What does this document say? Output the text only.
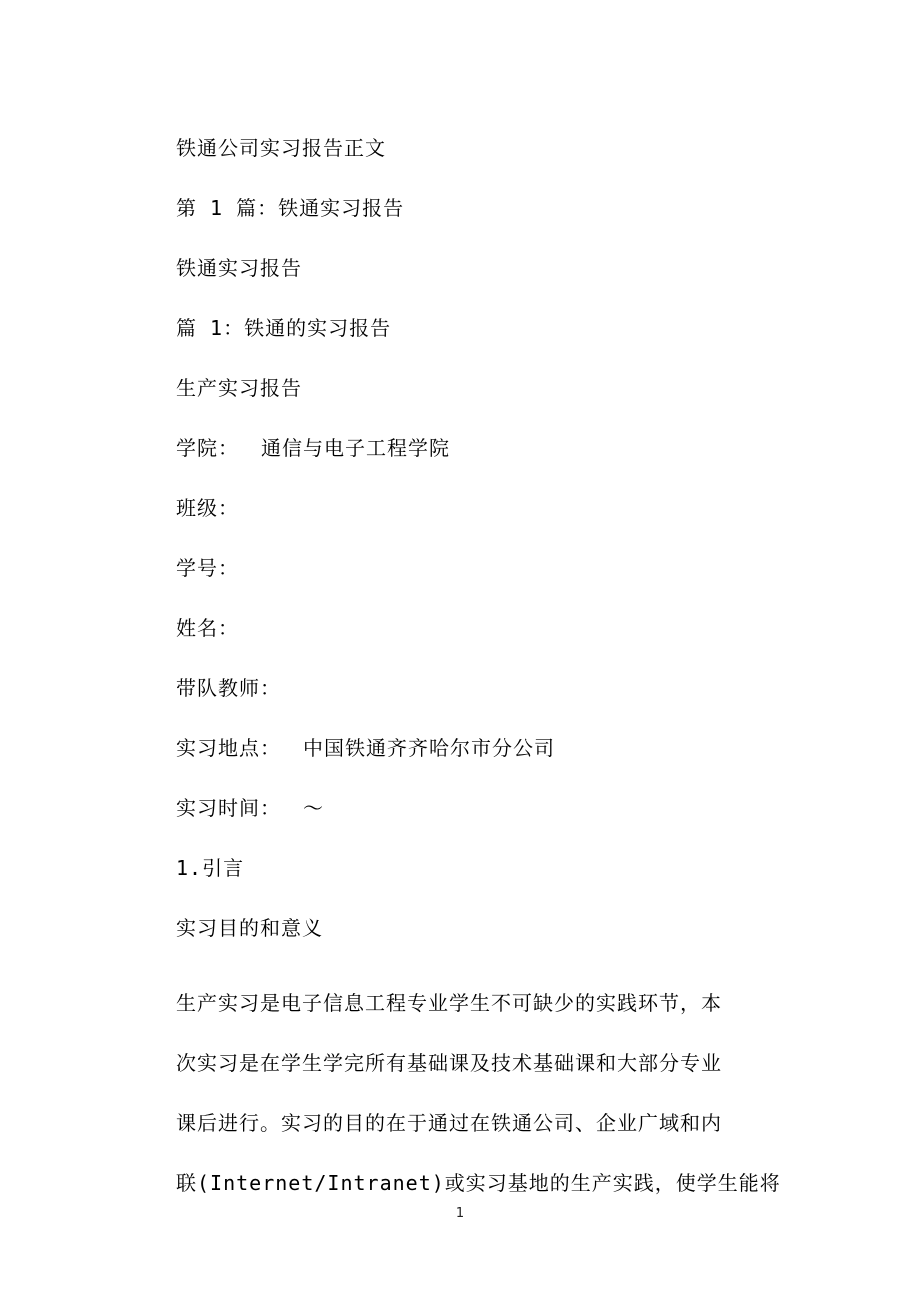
铁通公司实习报告正文
第 1 篇：铁通实习报告
铁通实习报告
篇 1：铁通的实习报告
生产实习报告
学院： 通信与电子工程学院
班级：
学号：
姓名：
带队教师：
实习地点： 中国铁通齐齐哈尔市分公司
实习时间： ～
1.引言
实习目的和意义
生产实习是电子信息工程专业学生不可缺少的实践环节，本
次实习是在学生学完所有基础课及技术基础课和大部分专业
课后进行。实习的目的在于通过在铁通公司、企业广域和内
联(Internet/Intranet)或实习基地的生产实践，使学生能将
1
